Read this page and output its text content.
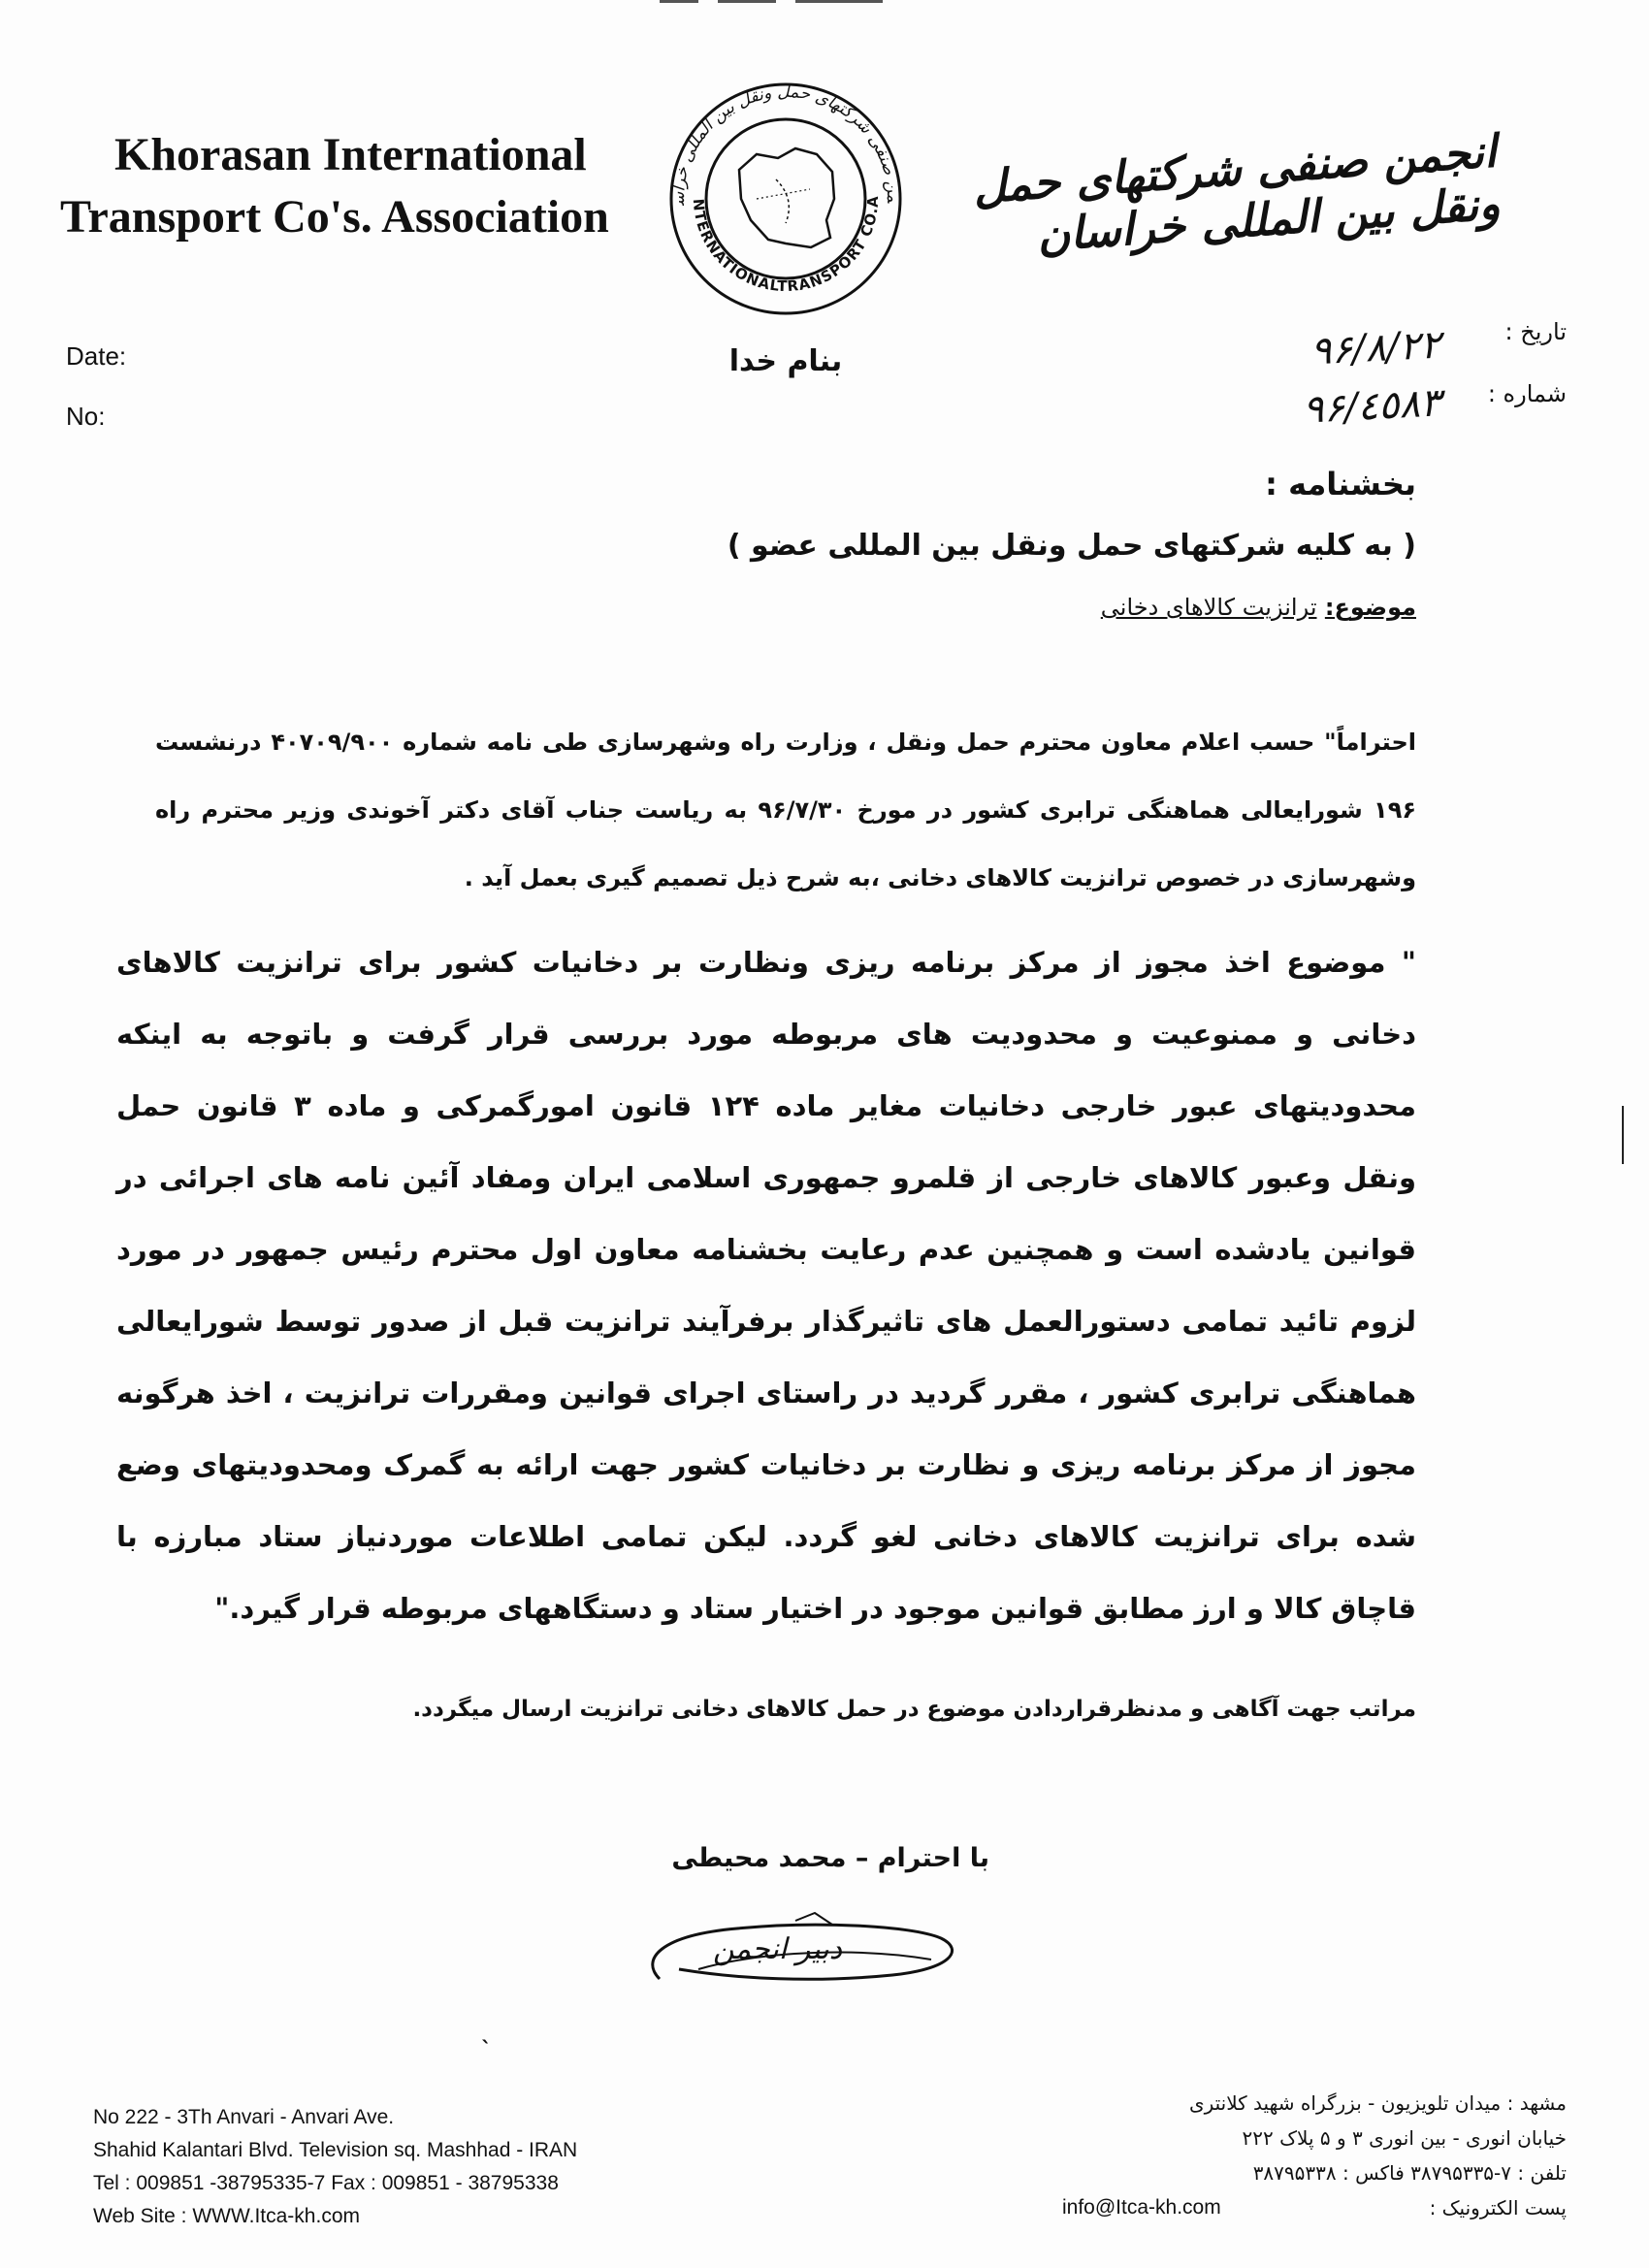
Khorasan International
Transport Co's. Association
انجمن صنفی شرکتهای حمل ونقل بین المللی خراسان
NTERNATIONALTRANSPORT CO.A من صنفی شرکتهای حمل ونقل بین المللی خراس
بنام خدا
Date:
No:
تاریخ :
شماره :
۹۶/۸/۲۲
۹۶/٤٥٨٣
بخشنامه :
( به کلیه شرکتهای حمل ونقل بین المللی عضو )
موضوع: ترانزیت کالاهای دخانی
احتراماً" حسب اعلام معاون محترم حمل ونقل ، وزارت راه وشهرسازی طی نامه شماره ۴۰۷۰۹/۹۰۰ درنشست ۱۹۶ شورایعالی هماهنگی ترابری کشور در مورخ ۹۶/۷/۳۰ به ریاست جناب آقای دکتر آخوندی وزیر محترم راه وشهرسازی در خصوص ترانزیت کالاهای دخانی ،به شرح ذیل تصمیم گیری بعمل آید .
" موضوع اخذ مجوز از مرکز برنامه ریزی ونظارت بر دخانیات کشور برای ترانزیت کالاهای دخانی و ممنوعیت و محدودیت های مربوطه مورد بررسی قرار گرفت و باتوجه به اینکه محدودیتهای عبور خارجی دخانیات مغایر ماده ۱۲۴ قانون امورگمرکی و ماده ۳ قانون حمل ونقل وعبور کالاهای خارجی از قلمرو جمهوری اسلامی ایران ومفاد آئین نامه های اجرائی در قوانین یادشده است و همچنین عدم رعایت بخشنامه معاون اول محترم رئیس جمهور در مورد لزوم تائید تمامی دستورالعمل های تاثیرگذار برفرآیند ترانزیت قبل از صدور توسط شورایعالی هماهنگی ترابری کشور ، مقرر گردید در راستای اجرای قوانین ومقررات ترانزیت ، اخذ هرگونه مجوز از مرکز برنامه ریزی و نظارت بر دخانیات کشور جهت ارائه به گمرک ومحدودیتهای وضع شده برای ترانزیت کالاهای دخانی لغو گردد. لیکن تمامی اطلاعات موردنیاز ستاد مبارزه با قاچاق کالا و ارز مطابق قوانین موجود در اختیار ستاد و دستگاههای مربوطه قرار گیرد."
مراتب جهت آگاهی و مدنظرقراردادن موضوع در حمل کالاهای دخانی ترانزیت ارسال میگردد.
با احترام – محمد محیطی
دبیر انجمن
ˎ
No 222 - 3Th Anvari - Anvari Ave.
Shahid Kalantari Blvd. Television sq. Mashhad - IRAN
Tel : 009851 -38795335-7 Fax : 009851 - 38795338
Web Site : WWW.Itca-kh.com
مشهد : میدان تلویزیون - بزرگراه شهید کلانتری
خیابان انوری - بین انوری ۳ و ۵ پلاک ۲۲۲
تلفن : ۷-۳۸۷۹۵۳۳۵ فاکس : ۳۸۷۹۵۳۳۸
پست الکترونیک :
info@Itca-kh.com
